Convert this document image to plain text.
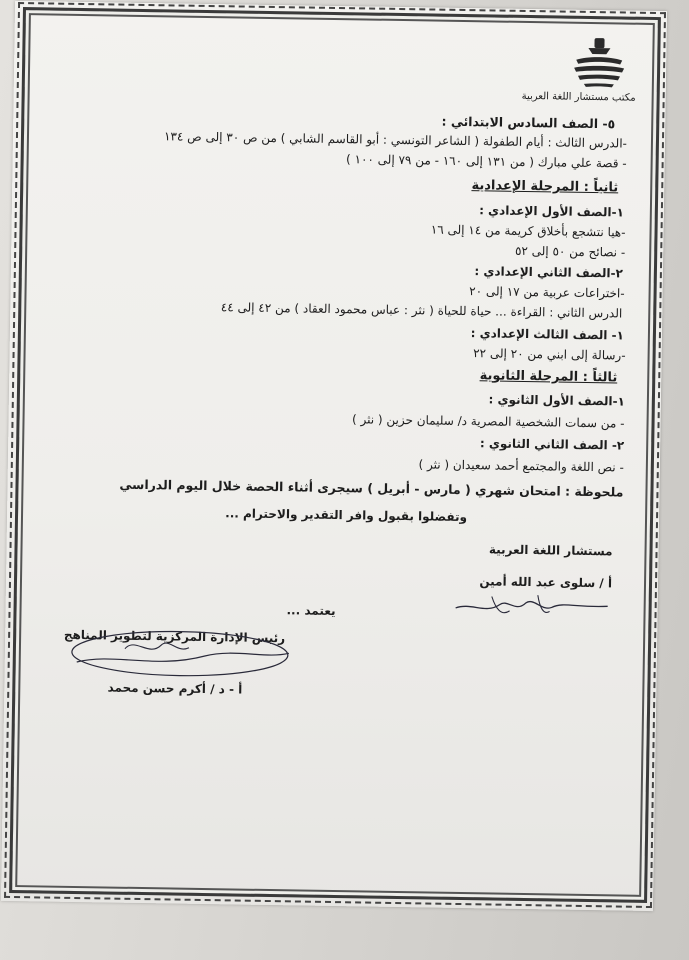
مكتب مستشار اللغة العربية
٥- الصف السادس الابتدائي :
-الدرس الثالث : أيام الطفولة ( الشاعر التونسي : أبو القاسم الشابي ) من ص ٣٠ إلى ص ١٣٤
- قصة علي مبارك ( من ١٣١ إلى ١٦٠ - من ٧٩ إلى ١٠٠ )
ثانياً : المرحلة الإعدادية
١-الصف الأول الإعدادي :
-هيا نتشجع بأخلاق كريمة من ١٤ إلى ١٦
- نصائح من ٥٠ إلى ٥٢
٢-الصف الثاني الإعدادي :
-اختراعات عربية من ١٧ إلى ٢٠
الدرس الثاني : القراءة ... حياة للحياة ( نثر : عباس محمود العقاد ) من ٤٢ إلى ٤٤
١- الصف الثالث الإعدادي :
-رسالة إلى ابني من ٢٠ إلى ٢٢
ثالثاً : المرحلة الثانوية
١-الصف الأول الثانوي :
- من سمات الشخصية المصرية د/ سليمان حزين ( نثر )
٢- الصف الثاني الثانوي :
- نص اللغة والمجتمع أحمد سعيدان ( نثر )
ملحوظة : امتحان شهري ( مارس - أبريل ) سيجرى أثناء الحصة خلال اليوم الدراسي
وتفضلوا بقبول وافر التقدير والاحترام ...
مستشار اللغة العربية
أ / سلوى عبد الله أمين
يعتمد ...
رئيس الإدارة المركزية لتطوير المناهج
أ - د / أكرم حسن محمد
